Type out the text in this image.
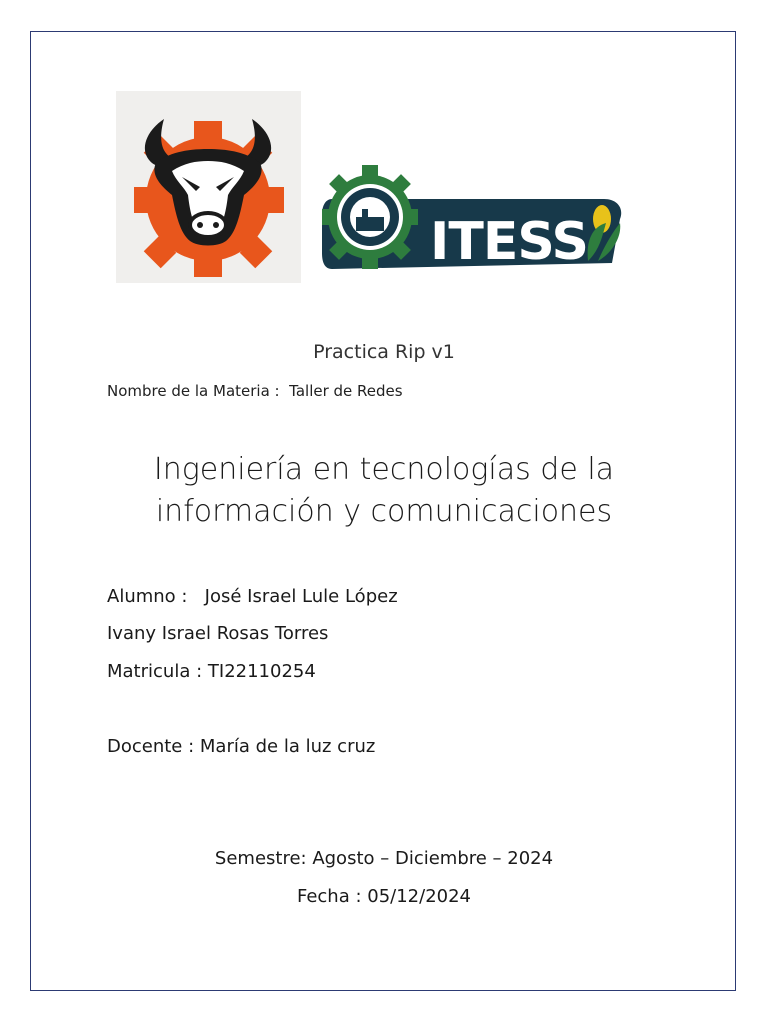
ITESS
Practica Rip v1
Nombre de la Materia : Taller de Redes
Ingeniería en tecnologías de la
información y comunicaciones
Alumno : José Israel Lule López
Ivany Israel Rosas Torres
Matricula : TI22110254
Docente : María de la luz cruz
Semestre: Agosto – Diciembre – 2024
Fecha : 05/12/2024
